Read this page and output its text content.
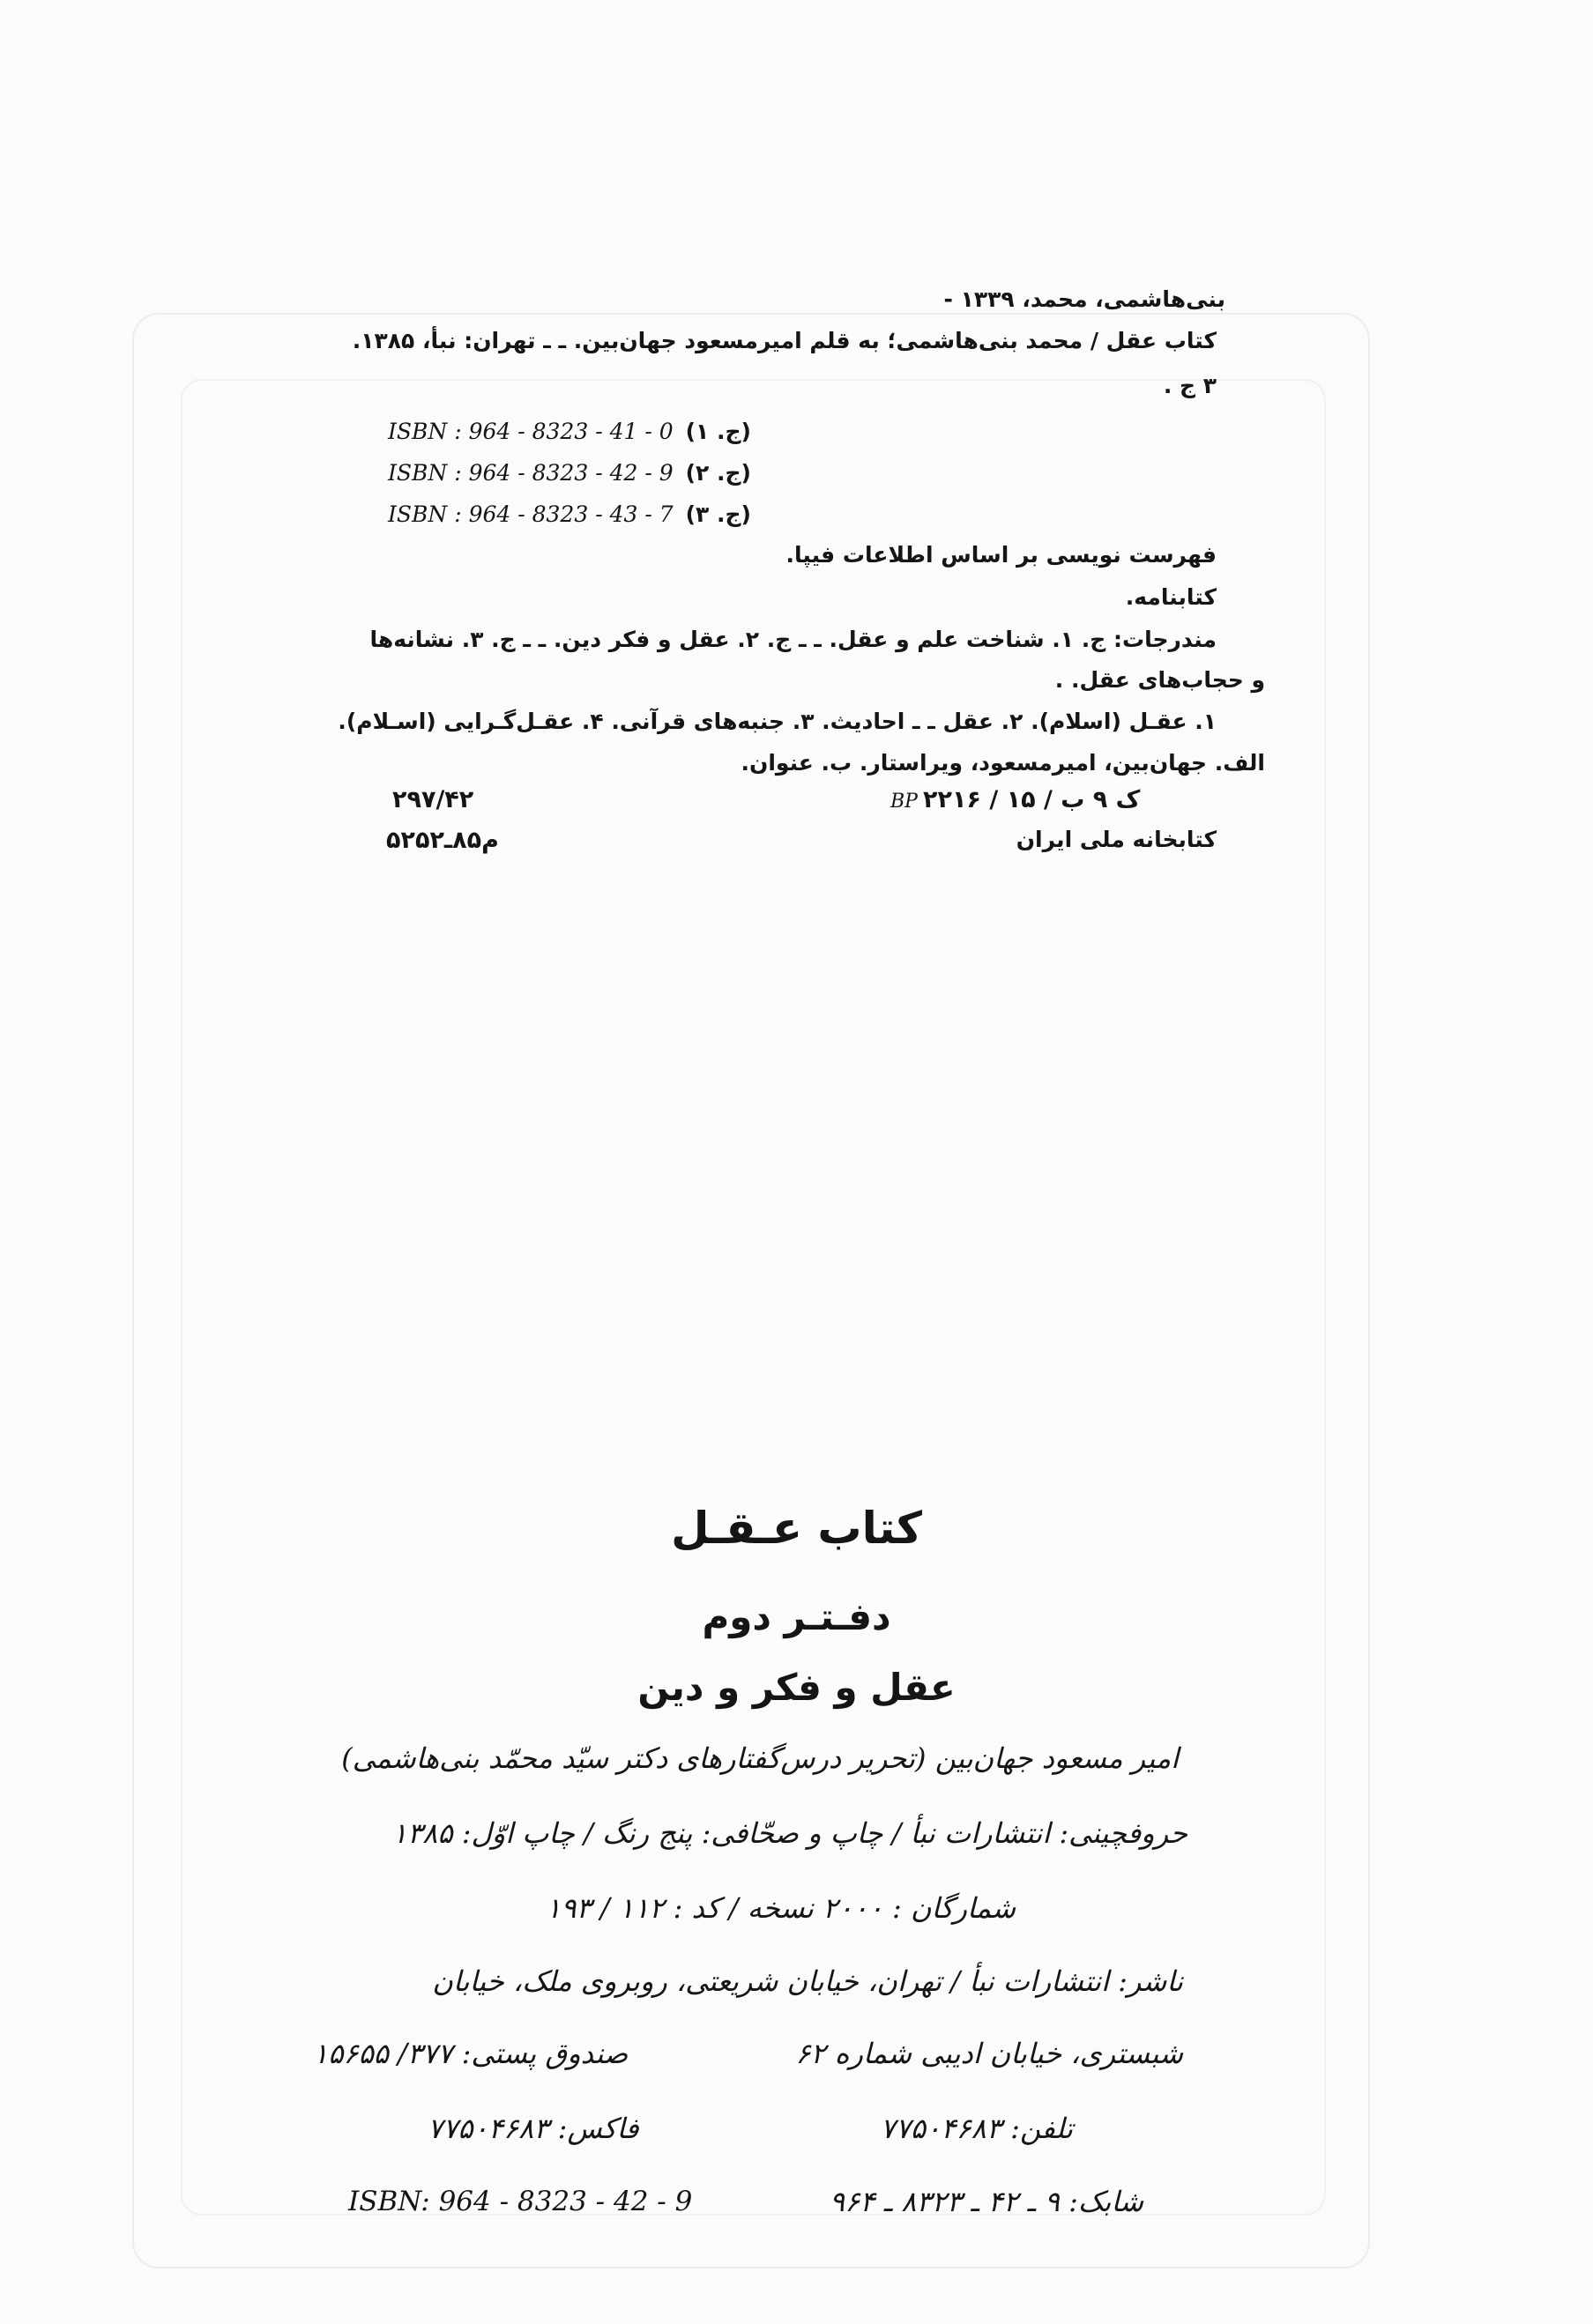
بنی‌هاشمی، محمد، ۱۳۳۹ -
کتاب عقل / محمد بنی‌هاشمی؛ به قلم امیرمسعود جهان‌بین. ـ ـ تهران: نبأ، ۱۳۸۵.
۳ ج .
ISBN : 964 - 8323 - 41 - 0 (ج. ۱)
ISBN : 964 - 8323 - 42 - 9 (ج. ۲)
ISBN : 964 - 8323 - 43 - 7 (ج. ۳)
فهرست نویسی بر اساس اطلاعات فیپا.
کتابنامه.
مندرجات: ج. ۱. شناخت علم و عقل. ـ ـ ج. ۲. عقل و فکر دین. ـ ـ ج. ۳. نشانه‌ها
و حجاب‌های عقل. .
۱. عقـل (اسلام). ۲. عقل ـ ـ احادیث. ۳. جنبه‌های قرآنی. ۴. عقـل‌گـرایی (اسـلام).
الف. جهان‌بین، امیرمسعود، ویراستار. ب. عنوان.
BP ۲ک ۹ ب / ۱۵ / ۲۱۶
۲۹۷/۴۲
کتابخانه ملی ایران
م۸۵ـ۵۲۵۲
کتاب عـقـل
دفـتـر دوم
عقل و فکر و دین
امیر مسعود جهان‌بین (تحریر درس‌گفتارهای دکتر سیّد محمّد بنی‌هاشمی)
حروفچینی: انتشارات نبأ / چاپ و صحّافی: پنج رنگ / چاپ اوّل: ۱۳۸۵
شمارگان : ۲۰۰۰ نسخه / کد : ۱۱۲ / ۱۹۳
ناشر: انتشارات نبأ / تهران، خیابان شریعتی، روبروی ملک، خیابان
شبستری، خیابان ادیبی شماره ۶۲
صندوق پستی: ۳۷۷/ ۱۵۶۵۵
تلفن: ۷۷۵۰۴۶۸۳
فاکس: ۷۷۵۰۴۶۸۳
شابک: ۹ ـ ۴۲ ـ ۸۳۲۳ ـ ۹۶۴
ISBN: 964 - 8323 - 42 - 9
